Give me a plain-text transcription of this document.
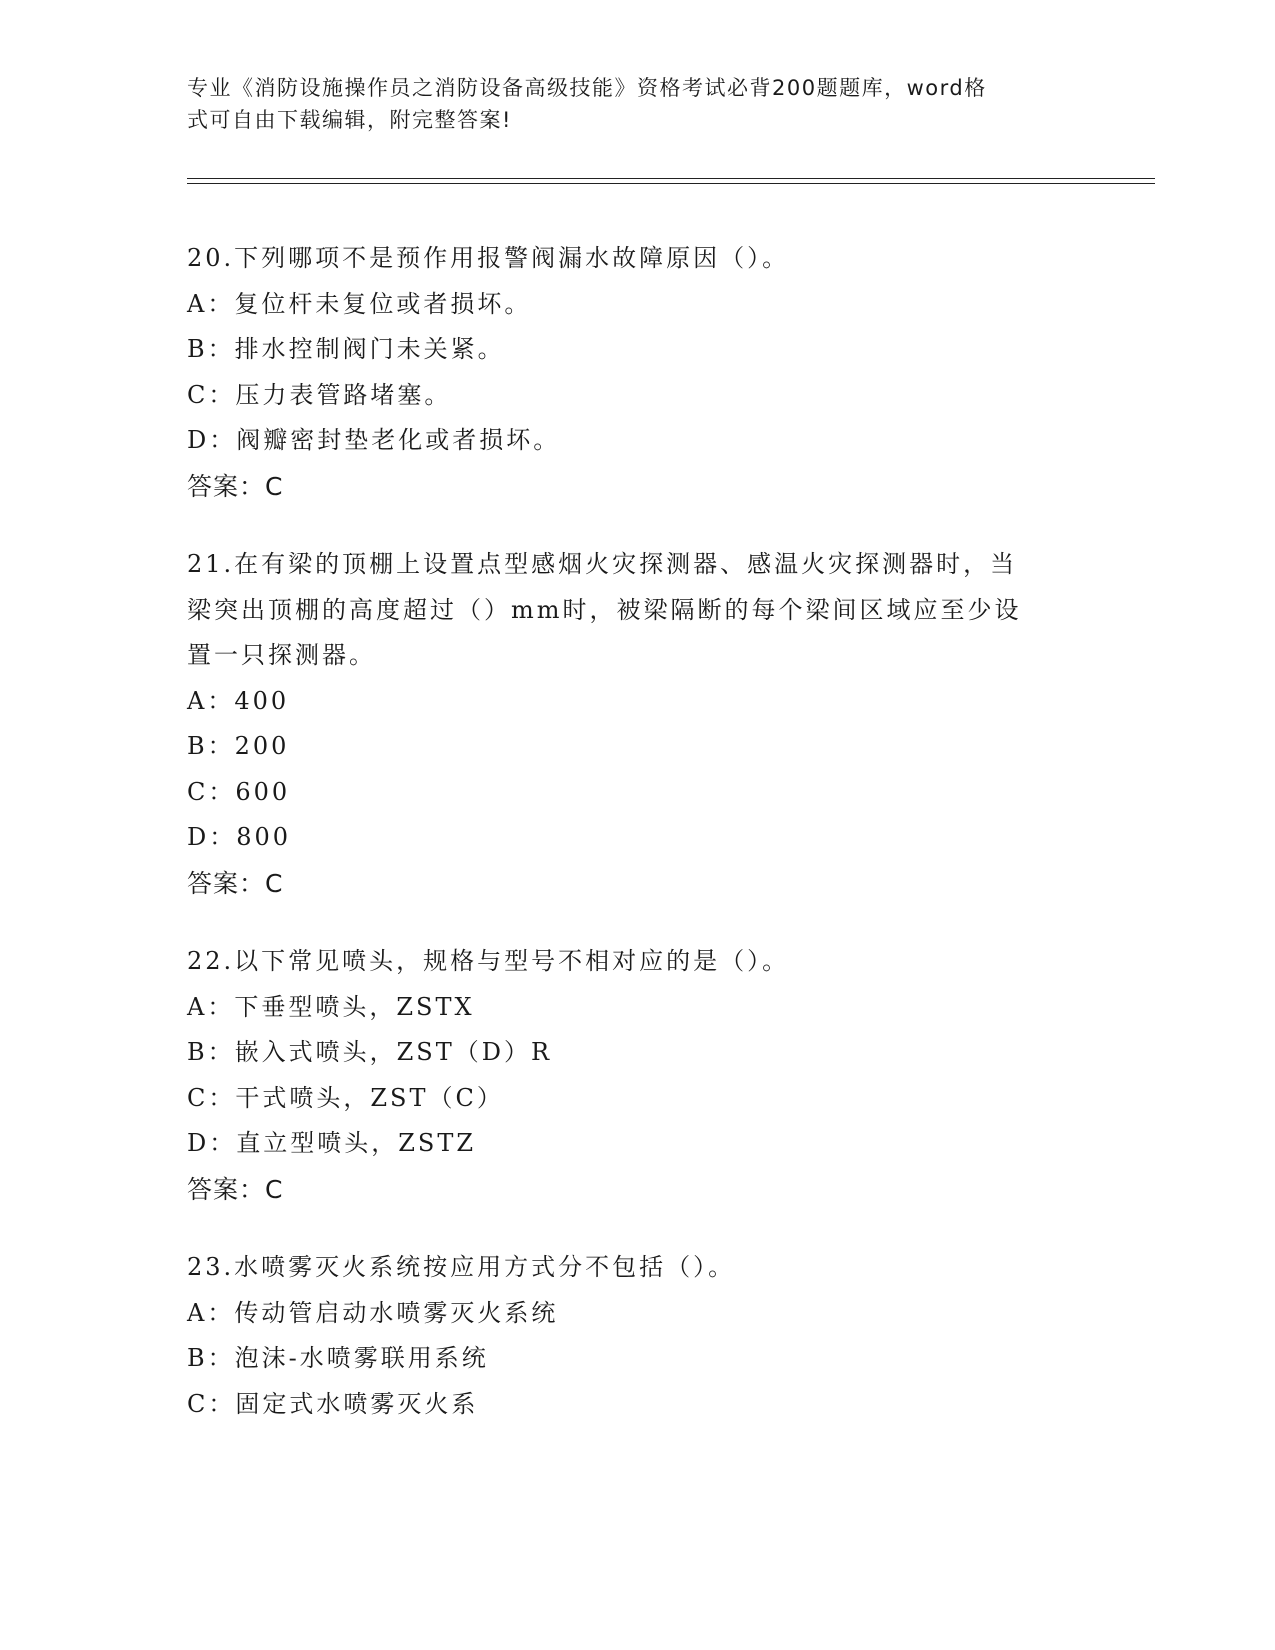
专业《消防设施操作员之消防设备高级技能》资格考试必背200题题库，word格
式可自由下载编辑，附完整答案!
20.下列哪项不是预作用报警阀漏水故障原因（）。
A：复位杆未复位或者损坏。
B：排水控制阀门未关紧。
C：压力表管路堵塞。
D：阀瓣密封垫老化或者损坏。
答案：C
21.在有梁的顶棚上设置点型感烟火灾探测器、感温火灾探测器时，当
梁突出顶棚的高度超过（）mm时，被梁隔断的每个梁间区域应至少设
置一只探测器。
A：400
B：200
C：600
D：800
答案：C
22.以下常见喷头，规格与型号不相对应的是（）。
A：下垂型喷头，ZSTX
B：嵌入式喷头，ZST（D）R
C：干式喷头，ZST（C）
D：直立型喷头，ZSTZ
答案：C
23.水喷雾灭火系统按应用方式分不包括（）。
A：传动管启动水喷雾灭火系统
B：泡沫-水喷雾联用系统
C：固定式水喷雾灭火系
